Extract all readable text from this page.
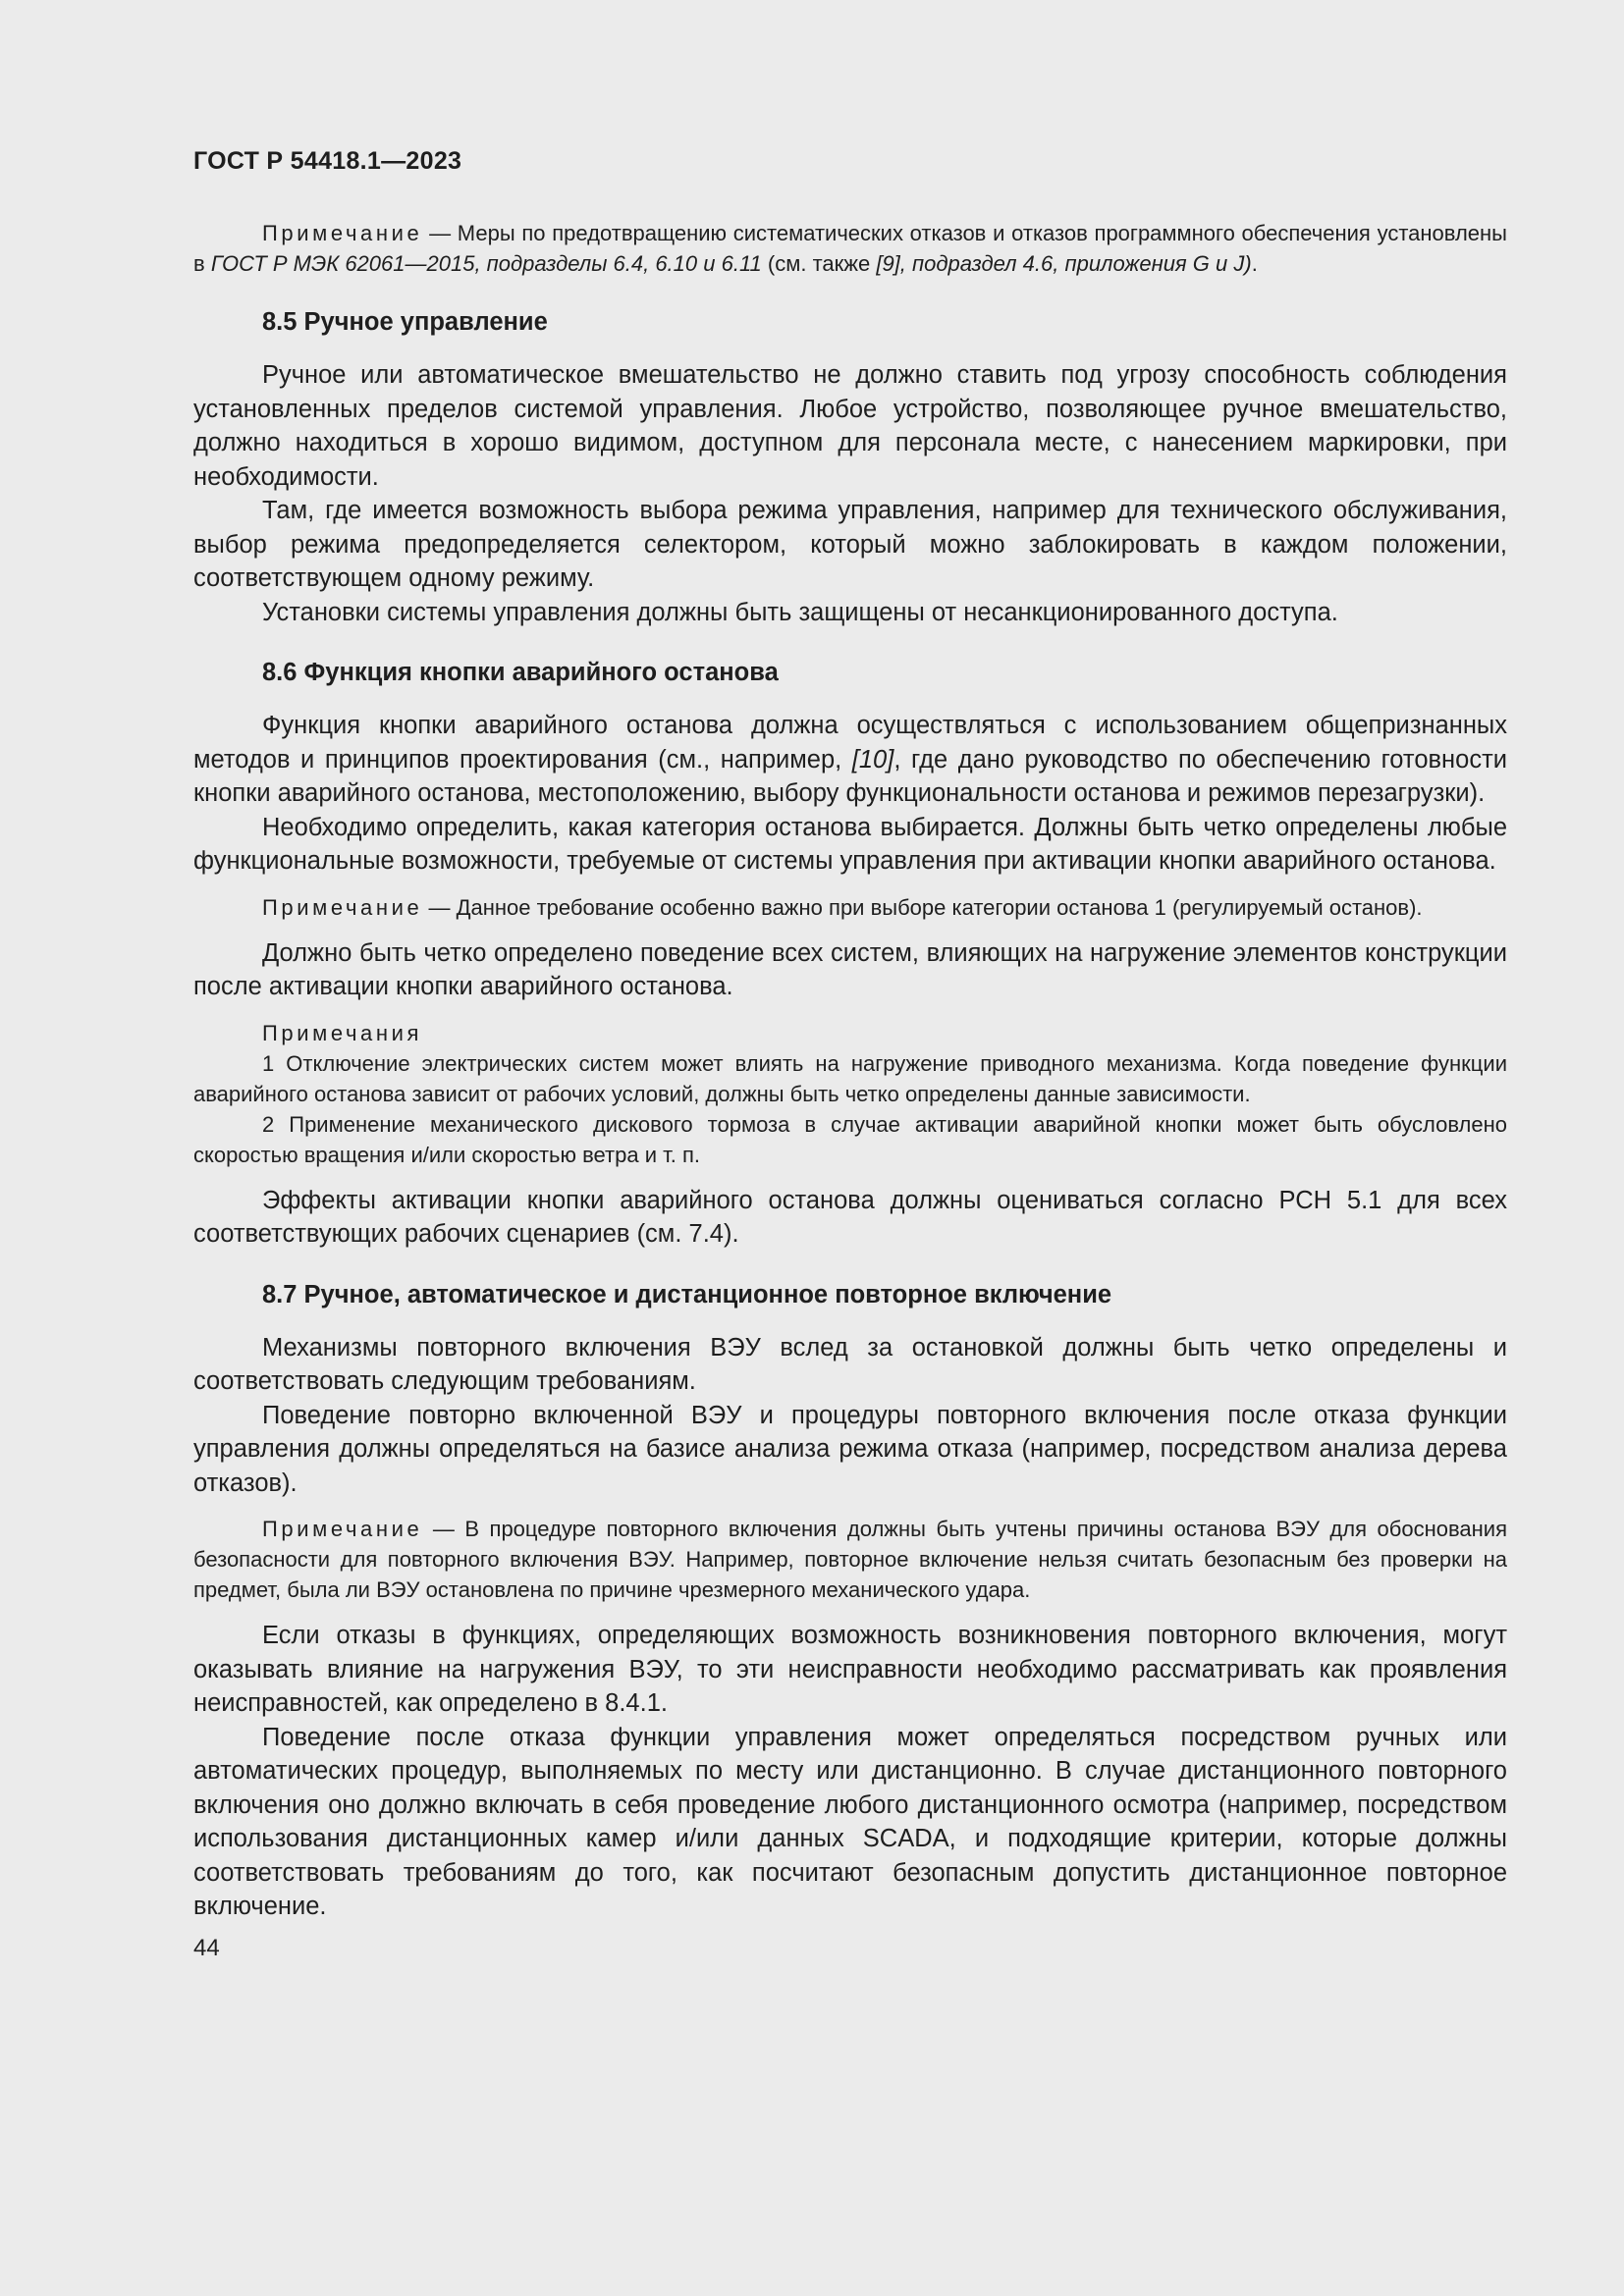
ГОСТ Р 54418.1—2023

Примечание — Меры по предотвращению систематических отказов и отказов программного обеспечения установлены в ГОСТ Р МЭК 62061—2015, подразделы 6.4, 6.10 и 6.11 (см. также [9], подраздел 4.6, приложения G и J).

8.5 Ручное управление

Ручное или автоматическое вмешательство не должно ставить под угрозу способность соблюдения установленных пределов системой управления. Любое устройство, позволяющее ручное вмешательство, должно находиться в хорошо видимом, доступном для персонала месте, с нанесением маркировки, при необходимости.

Там, где имеется возможность выбора режима управления, например для технического обслуживания, выбор режима предопределяется селектором, который можно заблокировать в каждом положении, соответствующем одному режиму.

Установки системы управления должны быть защищены от несанкционированного доступа.

8.6 Функция кнопки аварийного останова

Функция кнопки аварийного останова должна осуществляться с использованием общепризнанных методов и принципов проектирования (см., например, [10], где дано руководство по обеспечению готовности кнопки аварийного останова, местоположению, выбору функциональности останова и режимов перезагрузки).

Необходимо определить, какая категория останова выбирается. Должны быть четко определены любые функциональные возможности, требуемые от системы управления при активации кнопки аварийного останова.

Примечание — Данное требование особенно важно при выборе категории останова 1 (регулируемый останов).

Должно быть четко определено поведение всех систем, влияющих на нагружение элементов конструкции после активации кнопки аварийного останова.

Примечания

1 Отключение электрических систем может влиять на нагружение приводного механизма. Когда поведение функции аварийного останова зависит от рабочих условий, должны быть четко определены данные зависимости.

2 Применение механического дискового тормоза в случае активации аварийной кнопки может быть обусловлено скоростью вращения и/или скоростью ветра и т. п.

Эффекты активации кнопки аварийного останова должны оцениваться согласно РСН 5.1 для всех соответствующих рабочих сценариев (см. 7.4).

8.7 Ручное, автоматическое и дистанционное повторное включение

Механизмы повторного включения ВЭУ вслед за остановкой должны быть четко определены и соответствовать следующим требованиям.

Поведение повторно включенной ВЭУ и процедуры повторного включения после отказа функции управления должны определяться на базисе анализа режима отказа (например, посредством анализа дерева отказов).

Примечание — В процедуре повторного включения должны быть учтены причины останова ВЭУ для обоснования безопасности для повторного включения ВЭУ. Например, повторное включение нельзя считать безопасным без проверки на предмет, была ли ВЭУ остановлена по причине чрезмерного механического удара.

Если отказы в функциях, определяющих возможность возникновения повторного включения, могут оказывать влияние на нагружения ВЭУ, то эти неисправности необходимо рассматривать как проявления неисправностей, как определено в 8.4.1.

Поведение после отказа функции управления может определяться посредством ручных или автоматических процедур, выполняемых по месту или дистанционно. В случае дистанционного повторного включения оно должно включать в себя проведение любого дистанционного осмотра (например, посредством использования дистанционных камер и/или данных SCADA, и подходящие критерии, которые должны соответствовать требованиям до того, как посчитают безопасным допустить дистанционное повторное включение.

44
